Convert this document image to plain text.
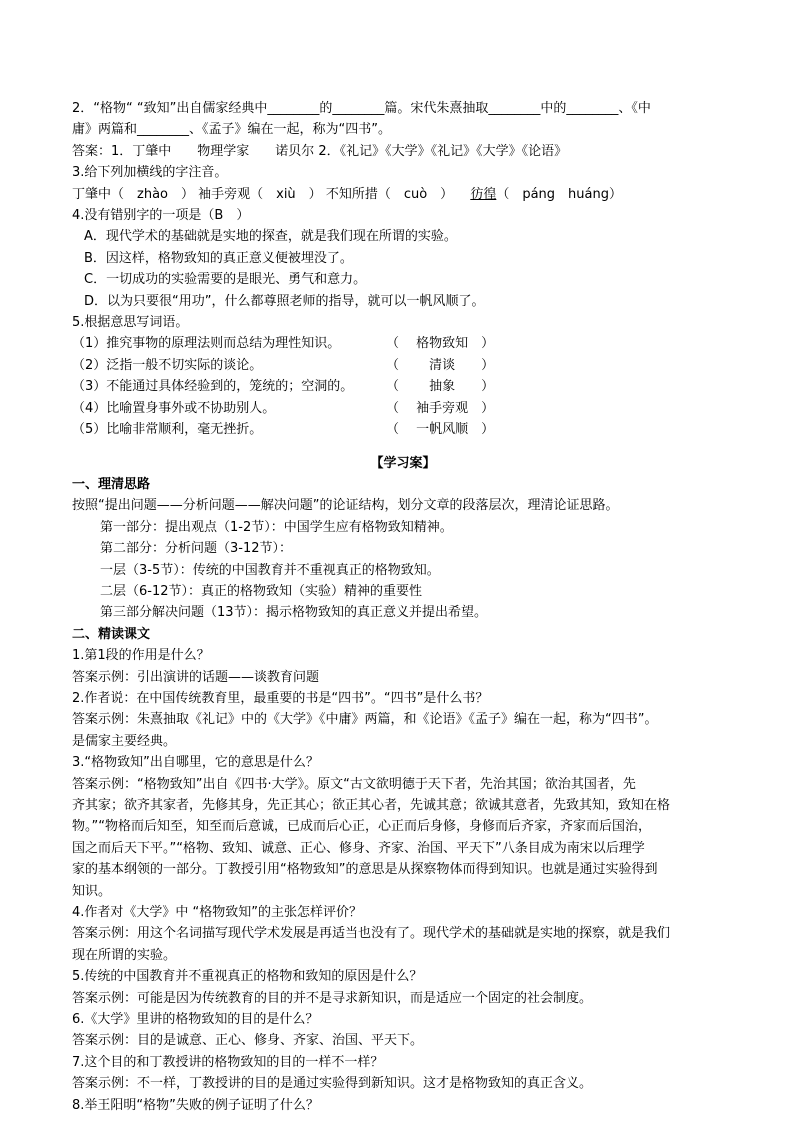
2．“格物“ “致知”出自儒家经典中________的________篇。宋代朱熹抽取________中的________、《中
庸》两篇和________、《孟子》编在一起，称为“四书”。
答案：1．丁肇中　　物理学家　　诺贝尔 2．《礼记》《大学》《礼记》《大学》《论语》
3.给下列加横线的字注音。
丁肇中（　zhào　） 袖手旁观（　xiù　） 不知所措（　cuò　） 　 彷徨（　páng　huáng）
4.没有错别字的一项是（B　）
A．现代学术的基础就是实地的探查，就是我们现在所谓的实验。
B．因这样，格物致知的真正意义便被埋没了。
C．一切成功的实验需要的是眼光、勇气和意力。
D．以为只要很“用功”，什么都尊照老师的指导，就可以一帆风顺了。
5.根据意思写词语。
（1）推究事物的原理法则而总结为理性知识。	（　 格物致知　）
（2）泛指一般不切实际的谈论。	（　　 清谈　　）
（3）不能通过具体经验到的，笼统的；空洞的。	（　　 抽象　　）
（4）比喻置身事外或不协助别人。	（　 袖手旁观　）
（5）比喻非常顺利，毫无挫折。	（　 一帆风顺　）
【学习案】
一、理清思路
按照“提出问题——分析问题——解决问题”的论证结构，划分文章的段落层次，理清论证思路。
第一部分：提出观点（1-2节）：中国学生应有格物致知精神。
第二部分：分析问题（3-12节）：
一层（3-5节）：传统的中国教育并不重视真正的格物致知。
二层（6-12节）：真正的格物致知（实验）精神的重要性
第三部分解决问题（13节）：揭示格物致知的真正意义并提出希望。
二、精读课文
1.第1段的作用是什么？
答案示例：引出演讲的话题——谈教育问题
2.作者说：在中国传统教育里，最重要的书是“四书”。“四书”是什么书？
答案示例：朱熹抽取《礼记》中的《大学》《中庸》两篇，和《论语》《孟子》编在一起，称为“四书”。
是儒家主要经典。
3.“格物致知”出自哪里，它的意思是什么？
答案示例：“格物致知”出自《四书·大学》。原文“古文欲明德于天下者，先治其国；欲治其国者，先
齐其家；欲齐其家者，先修其身，先正其心；欲正其心者，先诚其意；欲诚其意者，先致其知，致知在格
物。”“物格而后知至，知至而后意诚，已成而后心正，心正而后身修，身修而后齐家，齐家而后国治，
国之而后天下平。”“格物、致知、诚意、正心、修身、齐家、治国、平天下”八条目成为南宋以后理学
家的基本纲领的一部分。丁教授引用“格物致知”的意思是从探察物体而得到知识。也就是通过实验得到
知识。
4.作者对《大学》中 “格物致知”的主张怎样评价？
答案示例：用这个名词描写现代学术发展是再适当也没有了。现代学术的基础就是实地的探察，就是我们
现在所谓的实验。
5.传统的中国教育并不重视真正的格物和致知的原因是什么？
答案示例：可能是因为传统教育的目的并不是寻求新知识，而是适应一个固定的社会制度。
6.《大学》里讲的格物致知的目的是什么？
答案示例：目的是诚意、正心、修身、齐家、治国、平天下。
7.这个目的和丁教授讲的格物致知的目的一样不一样？
答案示例：不一样，丁教授讲的目的是通过实验得到新知识。这才是格物致知的真正含义。
8.举王阳明“格物”失败的例子证明了什么？
